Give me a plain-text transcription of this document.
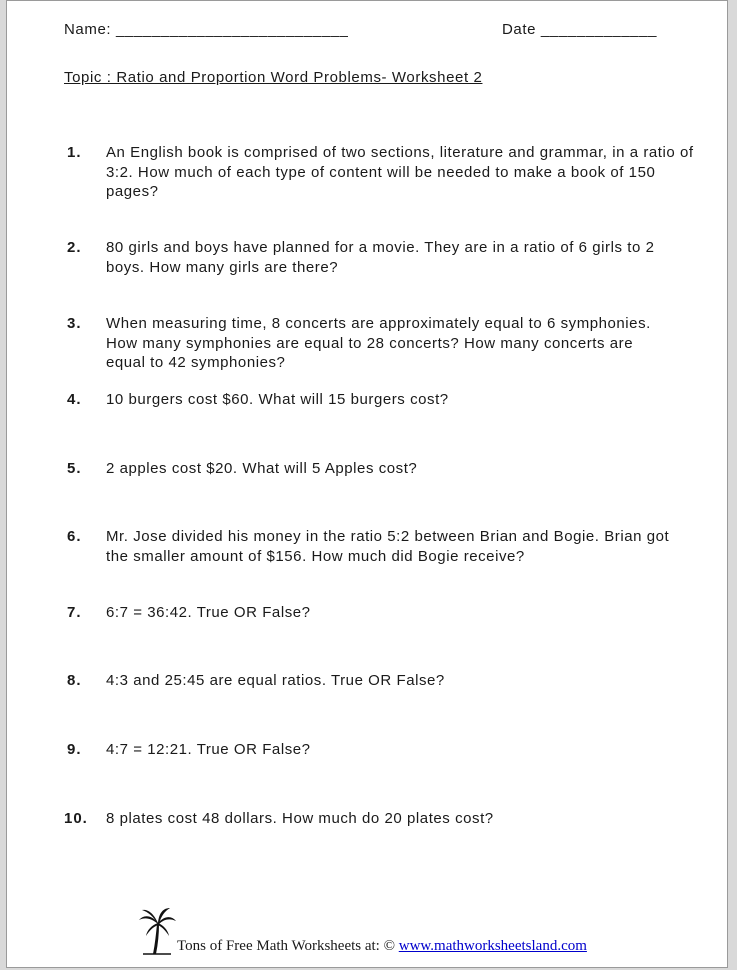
Name: __________________________	Date _____________
Topic : Ratio and Proportion Word Problems- Worksheet 2
1. An English book is comprised of two sections, literature and grammar, in a ratio of 3:2. How much of each type of content will be needed to make a book of 150 pages?
2. 80 girls and boys have planned for a movie. They are in a ratio of 6 girls to 2 boys. How many girls are there?
3. When measuring time, 8 concerts are approximately equal to 6 symphonies. How many symphonies are equal to 28 concerts? How many concerts are equal to 42 symphonies?
4. 10 burgers cost $60. What will 15 burgers cost?
5. 2 apples cost $20. What will 5 Apples cost?
6. Mr. Jose divided his money in the ratio 5:2 between Brian and Bogie. Brian got the smaller amount of $156. How much did Bogie receive?
7. 6:7 = 36:42. True OR False?
8. 4:3 and 25:45 are equal ratios. True OR False?
9. 4:7 = 12:21. True OR False?
10. 8 plates cost 48 dollars. How much do 20 plates cost?
Tons of Free Math Worksheets at: © www.mathworksheetsland.com
